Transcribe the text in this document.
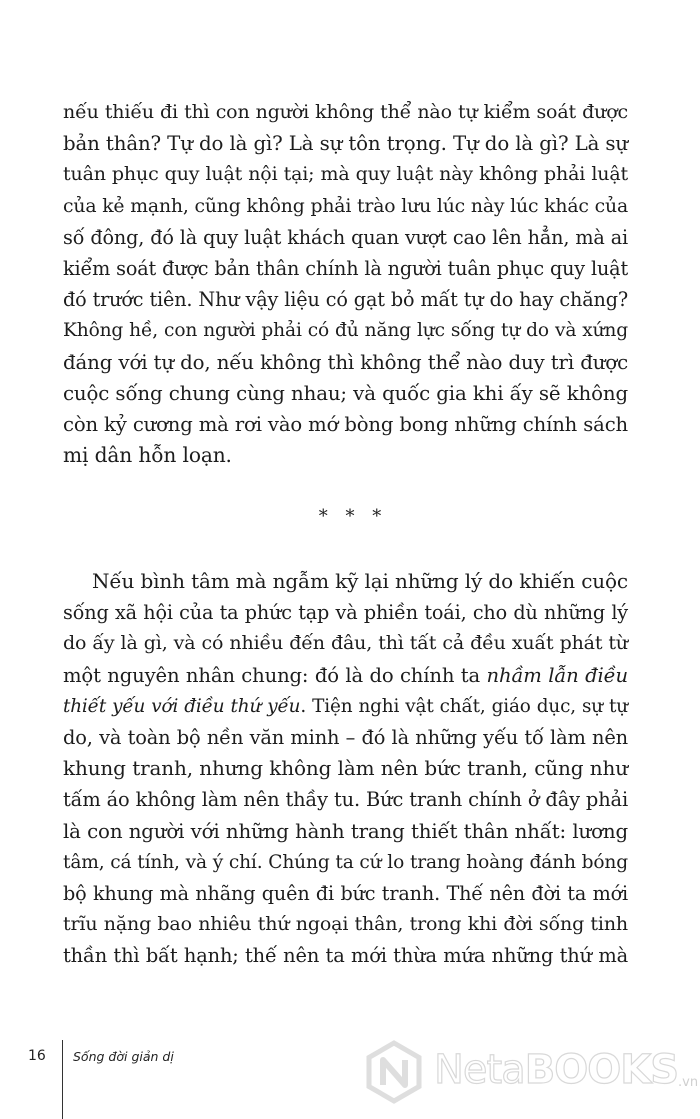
nếu thiếu đi thì con người không thể nào tự kiểm soát được
bản thân? Tự do là gì? Là sự tôn trọng. Tự do là gì? Là sự
tuân phục quy luật nội tại; mà quy luật này không phải luật
của kẻ mạnh, cũng không phải trào lưu lúc này lúc khác của
số đông, đó là quy luật khách quan vượt cao lên hẳn, mà ai
kiểm soát được bản thân chính là người tuân phục quy luật
đó trước tiên. Như vậy liệu có gạt bỏ mất tự do hay chăng?
Không hề, con người phải có đủ năng lực sống tự do và xứng
đáng với tự do, nếu không thì không thể nào duy trì được
cuộc sống chung cùng nhau; và quốc gia khi ấy sẽ không
còn kỷ cương mà rơi vào mớ bòng bong những chính sách
mị dân hỗn loạn.
* * *
Nếu bình tâm mà ngẫm kỹ lại những lý do khiến cuộc
sống xã hội của ta phức tạp và phiền toái, cho dù những lý
do ấy là gì, và có nhiều đến đâu, thì tất cả đều xuất phát từ
một nguyên nhân chung: đó là do chính ta nhầm lẫn điều
thiết yếu với điều thứ yếu. Tiện nghi vật chất, giáo dục, sự tự
do, và toàn bộ nền văn minh – đó là những yếu tố làm nên
khung tranh, nhưng không làm nên bức tranh, cũng như
tấm áo không làm nên thầy tu. Bức tranh chính ở đây phải
là con người với những hành trang thiết thân nhất: lương
tâm, cá tính, và ý chí. Chúng ta cứ lo trang hoàng đánh bóng
bộ khung mà nhãng quên đi bức tranh. Thế nên đời ta mới
trĩu nặng bao nhiêu thứ ngoại thân, trong khi đời sống tinh
thần thì bất hạnh; thế nên ta mới thừa mứa những thứ mà
16 Sống đời giản dị	NetaBOOKS .vn
